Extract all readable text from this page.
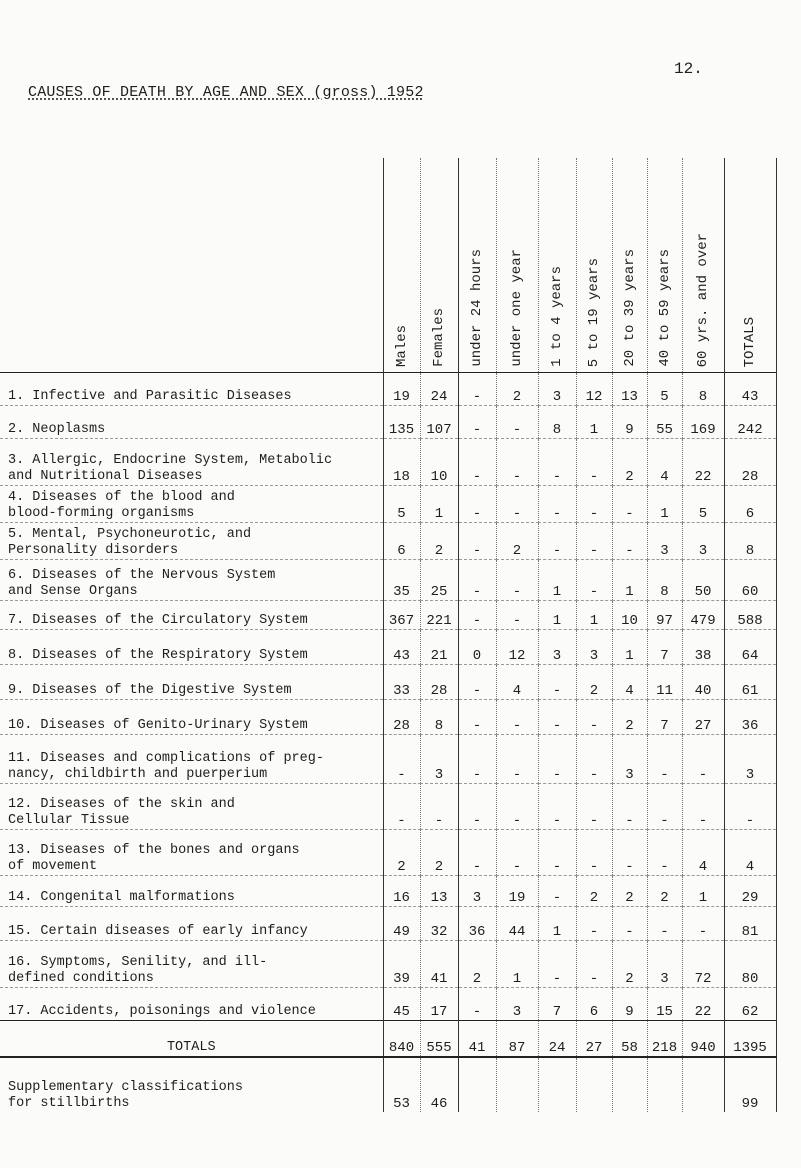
12.
CAUSES OF DEATH BY AGE AND SEX (gross) 1952
	Males	Females	under 24 hours	under one year	1 to 4 years	5 to 19 years	20 to 39 years	40 to 59 years	60 yrs. and over	TOTALS

1. Infective and Parasitic Diseases	19	24	-	2	3	12	13	5	8	43

2. Neoplasms	135	107	-	-	8	1	9	55	169	242

3. Allergic, Endocrine System, Metabolic
and Nutritional Diseases	18	10	-	-	-	-	2	4	22	28

4. Diseases of the blood and
blood-forming organisms	5	1	-	-	-	-	-	1	5	6

5. Mental, Psychoneurotic, and
Personality disorders	6	2	-	2	-	-	-	3	3	8

6. Diseases of the Nervous System
and Sense Organs	35	25	-	-	1	-	1	8	50	60

7. Diseases of the Circulatory System	367	221	-	-	1	1	10	97	479	588

8. Diseases of the Respiratory System	43	21	0	12	3	3	1	7	38	64

9. Diseases of the Digestive System	33	28	-	4	-	2	4	11	40	61

10. Diseases of Genito-Urinary System	28	8	-	-	-	-	2	7	27	36

11. Diseases and complications of preg-
nancy, childbirth and puerperium	-	3	-	-	-	-	3	-	-	3

12. Diseases of the skin and
Cellular Tissue	-	-	-	-	-	-	-	-	-	-

13. Diseases of the bones and organs
of movement	2	2	-	-	-	-	-	-	4	4

14. Congenital malformations	16	13	3	19	-	2	2	2	1	29

15. Certain diseases of early infancy	49	32	36	44	1	-	-	-	-	81

16. Symptoms, Senility, and ill-
defined conditions	39	41	2	1	-	-	2	3	72	80

17. Accidents, poisonings and violence	45	17	-	3	7	6	9	15	22	62

TOTALS	840	555	41	87	24	27	58	218	940	1395

Supplementary classifications
for stillbirths	53	46								99
